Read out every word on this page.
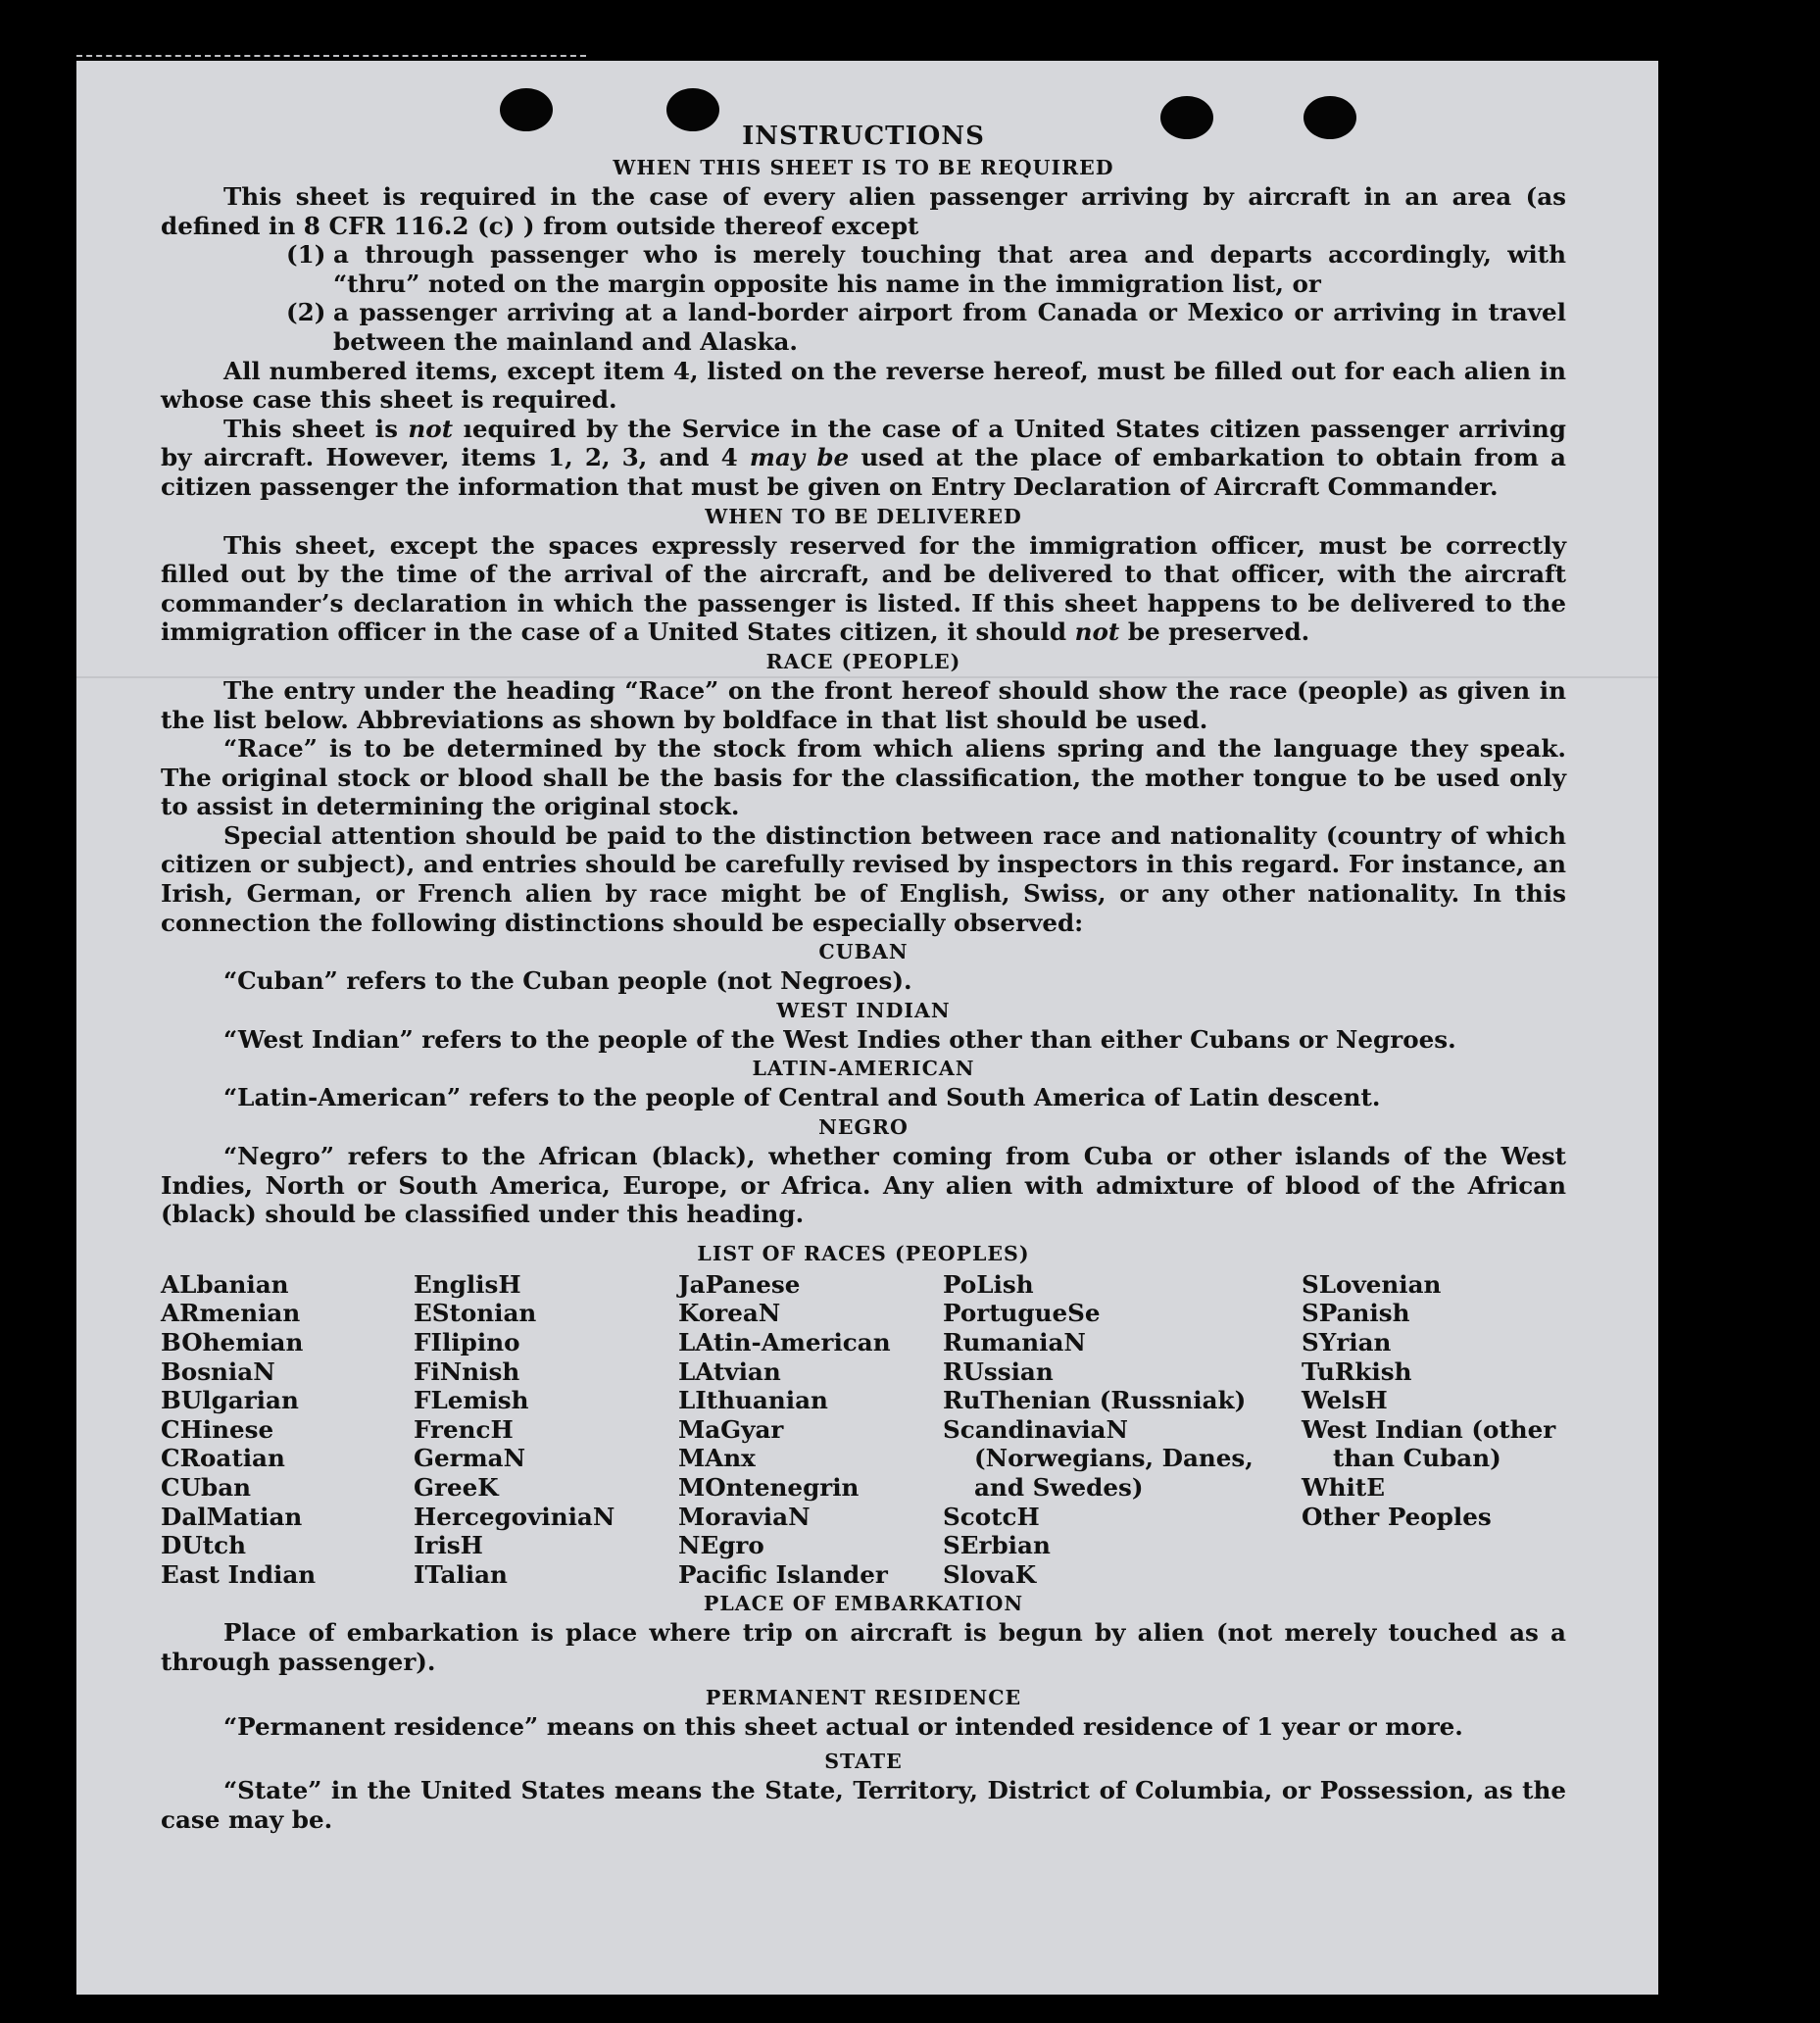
INSTRUCTIONS
WHEN THIS SHEET IS TO BE REQUIRED

This sheet is required in the case of every alien passenger arriving by aircraft in an area (as defined in 8 CFR 116.2 (c) ) from outside thereof except

(1) a through passenger who is merely touching that area and departs accordingly, with “thru” noted on the margin opposite his name in the immigration list, or
(2) a passenger arriving at a land-border airport from Canada or Mexico or arriving in travel between the mainland and Alaska.

All numbered items, except item 4, listed on the reverse hereof, must be filled out for each alien in whose case this sheet is required.

This sheet is not ıequired by the Service in the case of a United States citizen passenger arriving by aircraft. However, items 1, 2, 3, and 4 may be used at the place of embarkation to obtain from a citizen passenger the information that must be given on Entry Declaration of Aircraft Commander.

WHEN TO BE DELIVERED

This sheet, except the spaces expressly reserved for the immigration officer, must be correctly filled out by the time of the arrival of the aircraft, and be delivered to that officer, with the aircraft commander’s declaration in which the passenger is listed. If this sheet happens to be delivered to the immigration officer in the case of a United States citizen, it should not be preserved.

RACE (PEOPLE)

The entry under the heading “Race” on the front hereof should show the race (people) as given in the list below. Abbreviations as shown by boldface in that list should be used.

“Race” is to be determined by the stock from which aliens spring and the language they speak. The original stock or blood shall be the basis for the classification, the mother tongue to be used only to assist in determining the original stock.

Special attention should be paid to the distinction between race and nationality (country of which citizen or subject), and entries should be carefully revised by inspectors in this regard. For instance, an Irish, German, or French alien by race might be of English, Swiss, or any other nationality. In this connection the following distinctions should be especially observed:

CUBAN

“Cuban” refers to the Cuban people (not Negroes).

WEST INDIAN

“West Indian” refers to the people of the West Indies other than either Cubans or Negroes.

LATIN-AMERICAN

“Latin-American” refers to the people of Central and South America of Latin descent.

NEGRO

“Negro” refers to the African (black), whether coming from Cuba or other islands of the West Indies, North or South America, Europe, or Africa. Any alien with admixture of blood of the African (black) should be classified under this heading.

LIST OF RACES (PEOPLES)
ALbanian
ARmenian
BOhemian
BosniaN
BUlgarian
CHinese
CRoatian
CUban
DalMatian
DUtch
East Indian
EnglisH
EStonian
FIlipino
FiNnish
FLemish
FrencH
GermaN
GreeK
HercegoviniaN
IrisH
ITalian
JaPanese
KoreaN
LAtin-American
LAtvian
LIthuanian
MaGyar
MAnx
MOntenegrin
MoraviaN
NEgro
Pacific Islander
PoLish
PortugueSe
RumaniaN
RUssian
RuThenian (Russniak)
ScandinaviaN (Norwegians, Danes, and Swedes)
ScotcH
SErbian
SlovaK
SLovenian
SPanish
SYrian
TuRkish
WelsH
West Indian (other than Cuban)
WhitE
Other Peoples
PLACE OF EMBARKATION

Place of embarkation is place where trip on aircraft is begun by alien (not merely touched as a through passenger).

PERMANENT RESIDENCE

“Permanent residence” means on this sheet actual or intended residence of 1 year or more.

STATE

“State” in the United States means the State, Territory, District of Columbia, or Possession, as the case may be.
